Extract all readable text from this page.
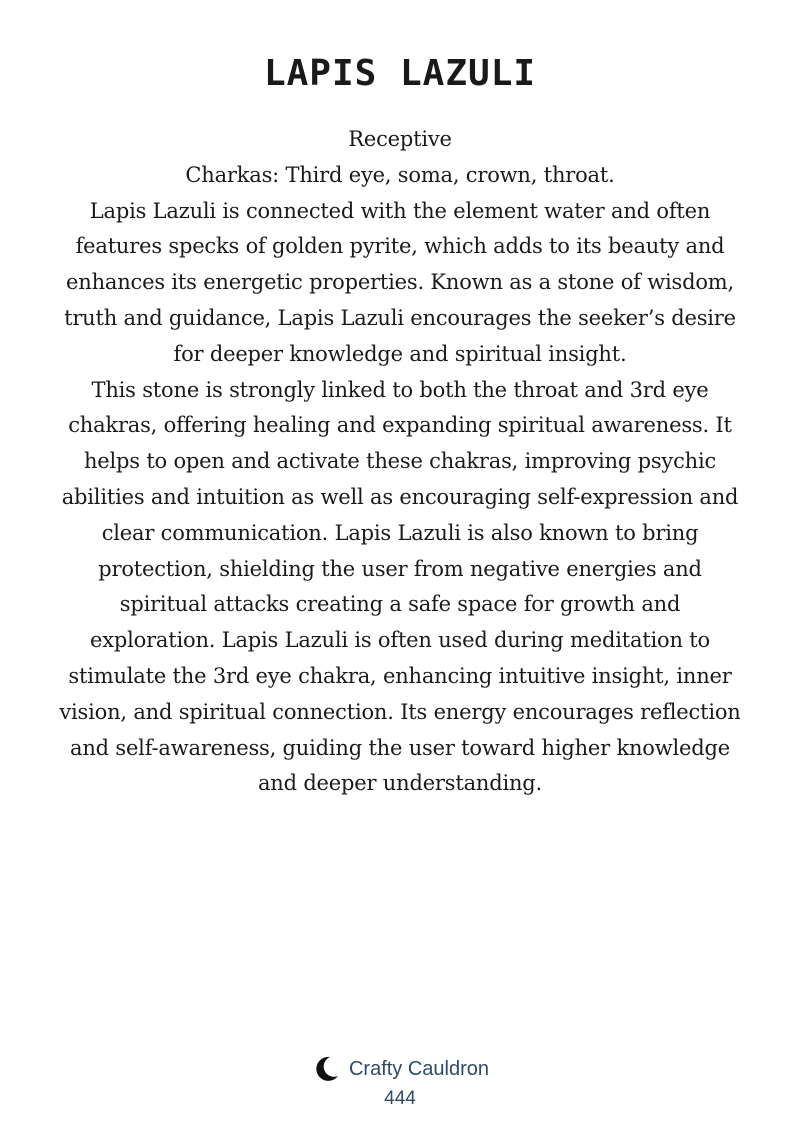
LAPIS LAZULI

Receptive

Charkas: Third eye, soma, crown, throat.

Lapis Lazuli is connected with the element water and often features specks of golden pyrite, which adds to its beauty and enhances its energetic properties. Known as a stone of wisdom, truth and guidance, Lapis Lazuli encourages the seeker’s desire for deeper knowledge and spiritual insight.

This stone is strongly linked to both the throat and 3rd eye chakras, offering healing and expanding spiritual awareness. It helps to open and activate these chakras, improving psychic abilities and intuition as well as encouraging self-expression and clear communication. Lapis Lazuli is also known to bring protection, shielding the user from negative energies and spiritual attacks creating a safe space for growth and exploration. Lapis Lazuli is often used during meditation to stimulate the 3rd eye chakra, enhancing intuitive insight, inner vision, and spiritual connection. Its energy encourages reflection and self-awareness, guiding the user toward higher knowledge and deeper understanding.

Crafty Cauldron
444
